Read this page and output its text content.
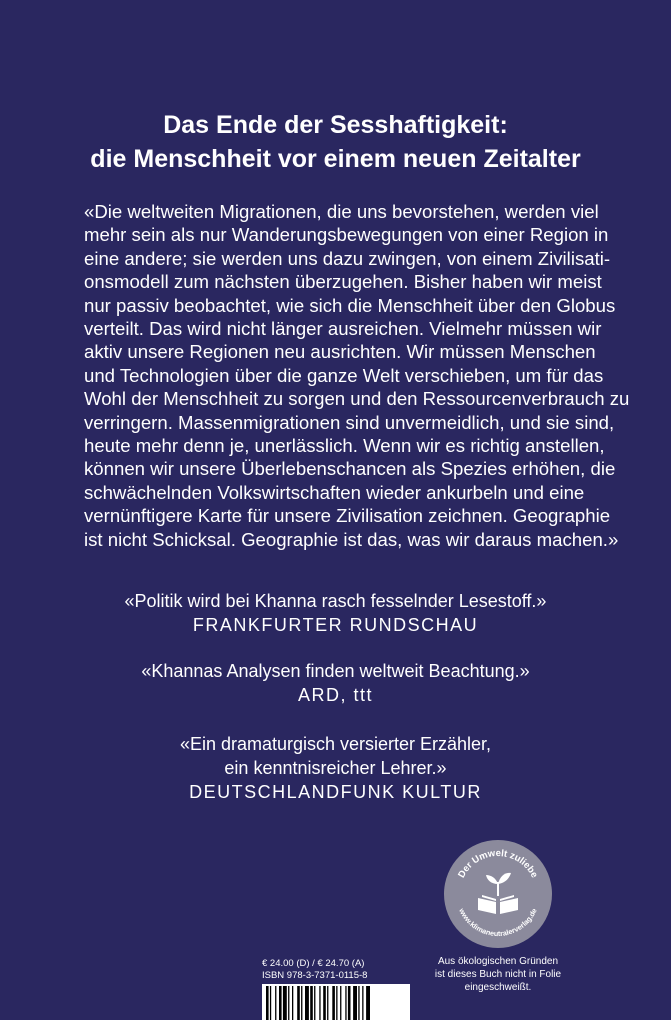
Das Ende der Sesshaftigkeit:
die Menschheit vor einem neuen Zeitalter
«Die weltweiten Migrationen, die uns bevorstehen, werden viel
mehr sein als nur Wanderungsbewegungen von einer Region in
eine andere; sie werden uns dazu zwingen, von einem Zivilisati-
onsmodell zum nächsten überzugehen. Bisher haben wir meist
nur passiv beobachtet, wie sich die Menschheit über den Globus
verteilt. Das wird nicht länger ausreichen. Vielmehr müssen wir
aktiv unsere Regionen neu ausrichten. Wir müssen Menschen
und Technologien über die ganze Welt verschieben, um für das
Wohl der Menschheit zu sorgen und den Ressourcenverbrauch zu
verringern. Massenmigrationen sind unvermeidlich, und sie sind,
heute mehr denn je, unerlässlich. Wenn wir es richtig anstellen,
können wir unsere Überlebenschancen als Spezies erhöhen, die
schwächelnden Volkswirtschaften wieder ankurbeln und eine
vernünftigere Karte für unsere Zivilisation zeichnen. Geographie
ist nicht Schicksal. Geographie ist das, was wir daraus machen.»
«Politik wird bei Khanna rasch fesselnder Lesestoff.»
FRANKFURTER RUNDSCHAU
«Khannas Analysen finden weltweit Beachtung.»
ARD, ttt
«Ein dramaturgisch versierter Erzähler,
ein kenntnisreicher Lehrer.»
DEUTSCHLANDFUNK KULTUR
Der Umwelt zuliebe
www.klimaneutralerverlag.de
Aus ökologischen Gründen
ist dieses Buch nicht in Folie
eingeschweißt.
€ 24.00 (D) / € 24.70 (A)
ISBN 978-3-7371-0115-8
